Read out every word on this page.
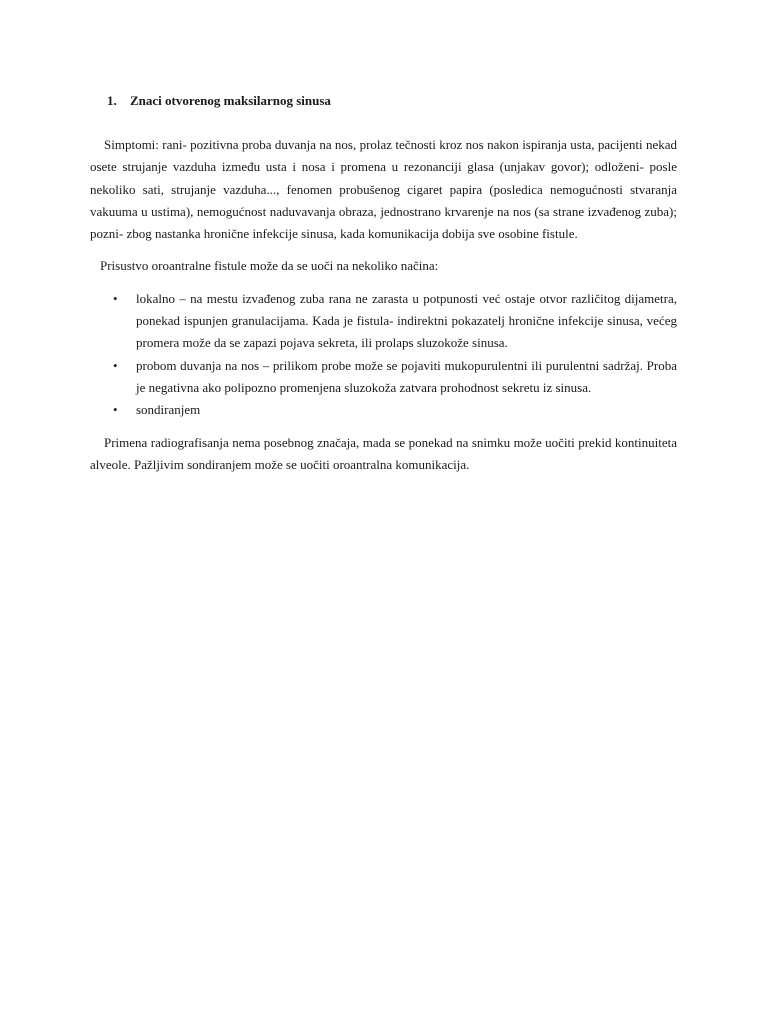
1. Znaci otvorenog maksilarnog sinusa

Simptomi: rani- pozitivna proba duvanja na nos, prolaz tečnosti kroz nos nakon ispiranja usta, pacijenti nekad osete strujanje vazduha između usta i nosa i promena u rezonanciji glasa (unjakav govor); odloženi- posle nekoliko sati, strujanje vazduha..., fenomen probušenog cigaret papira (posledica nemogućnosti stvaranja vakuuma u ustima), nemogućnost naduvavanja obraza, jednostrano krvarenje na nos (sa strane izvađenog zuba); pozni- zbog nastanka hronične infekcije sinusa, kada komunikacija dobija sve osobine fistule.

Prisustvo oroantralne fistule može da se uoči na nekoliko načina:

• lokalno – na mestu izvađenog zuba rana ne zarasta u potpunosti već ostaje otvor različitog dijametra, ponekad ispunjen granulacijama. Kada je fistula- indirektni pokazatelj hronične infekcije sinusa, većeg promera može da se zapazi pojava sekreta, ili prolaps sluzokože sinusa.
• probom duvanja na nos – prilikom probe može se pojaviti mukopurulentni ili purulentni sadržaj. Proba je negativna ako polipozno promenjena sluzokoža zatvara prohodnost sekretu iz sinusa.
• sondiranjem

Primena radiografisanja nema posebnog značaja, mada se ponekad na snimku može uočiti prekid kontinuiteta alveole. Pažljivim sondiranjem može se uočiti oroantralna komunikacija.
